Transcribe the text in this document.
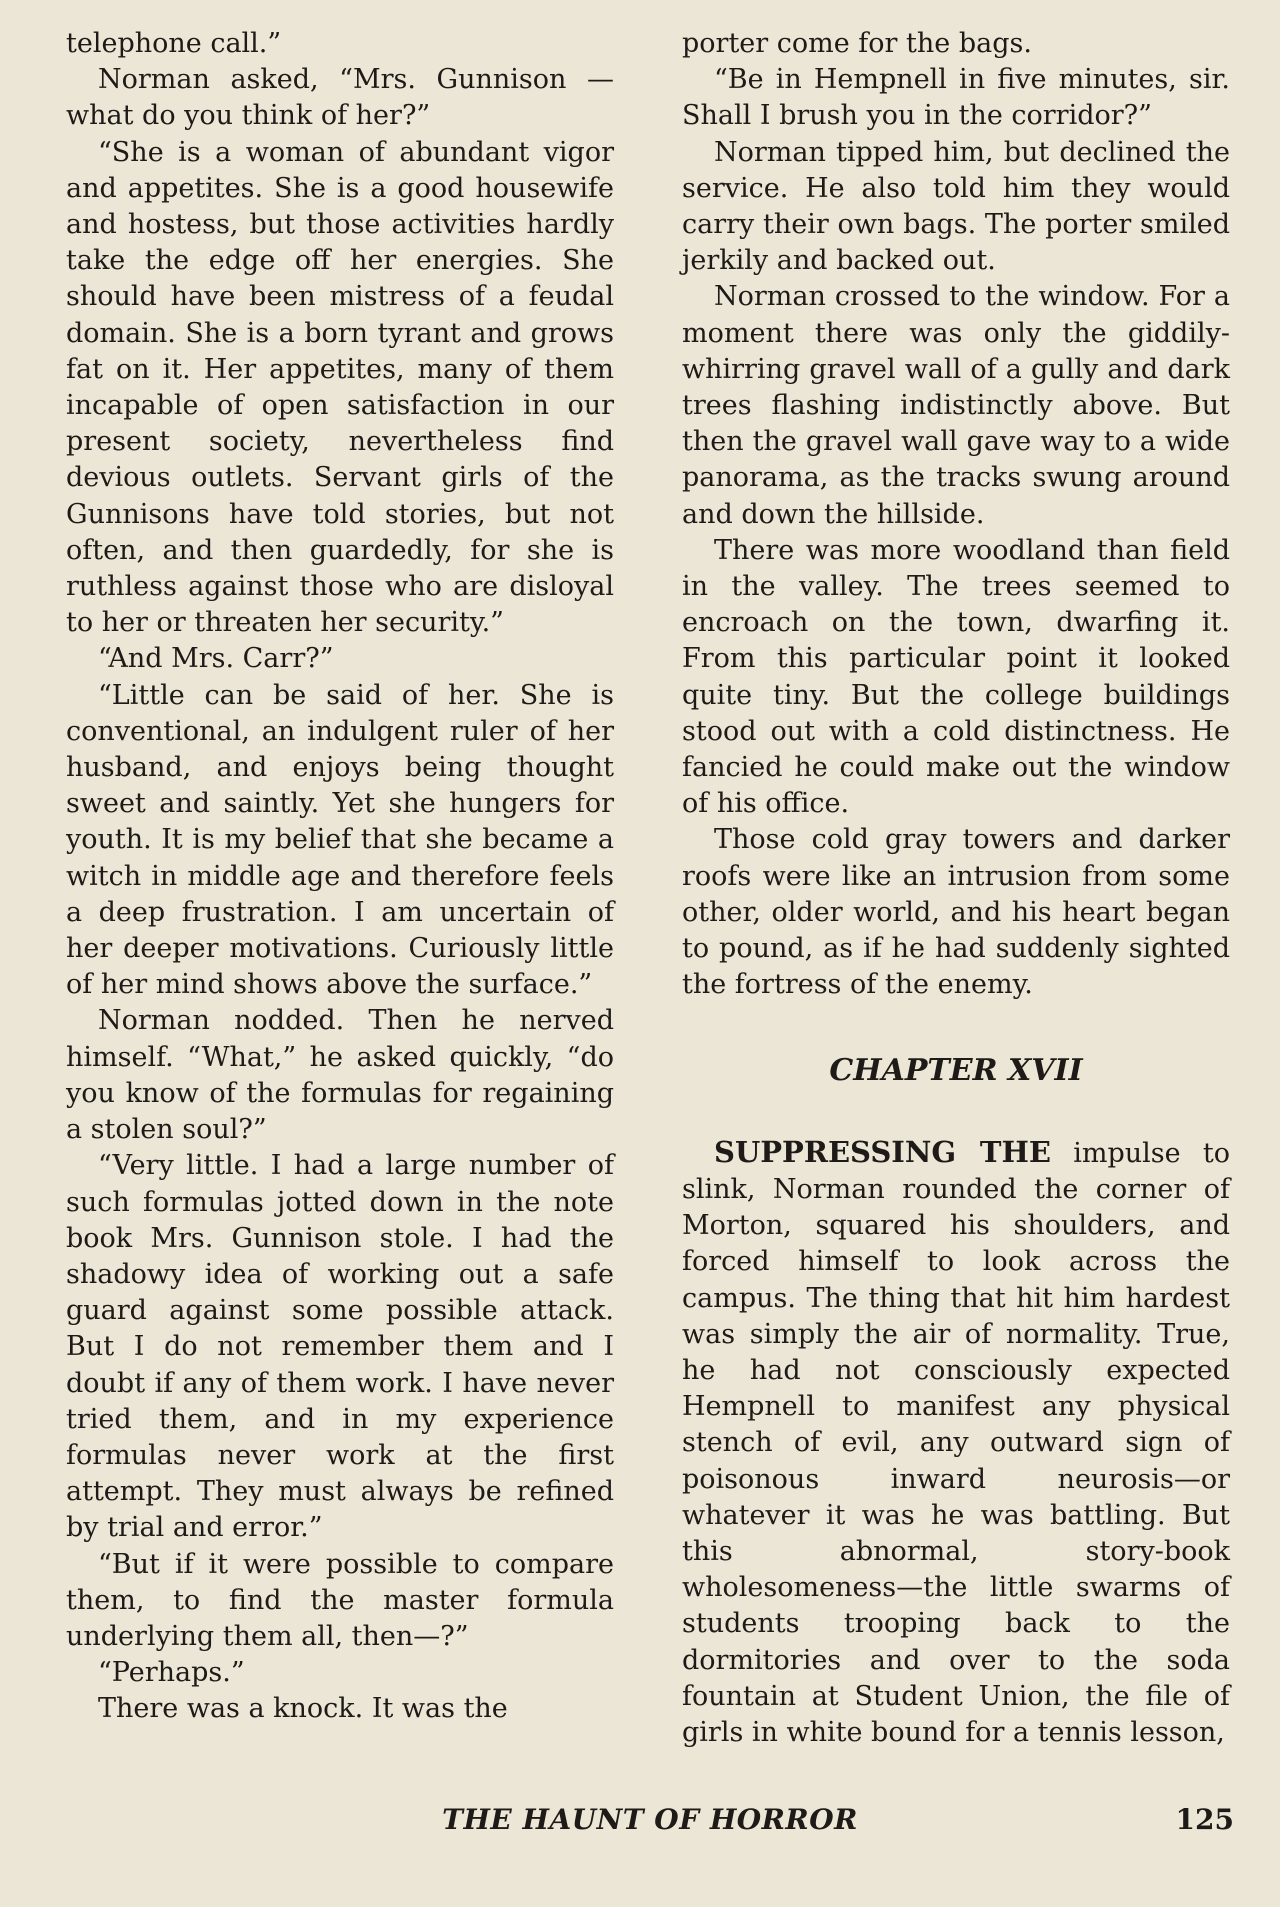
telephone call.”

Norman asked, “Mrs. Gunnison —what do you think of her?”

“She is a woman of abundant vigor and appetites. She is a good housewife and hostess, but those activities hardly take the edge off her energies. She should have been mistress of a feudal domain. She is a born tyrant and grows fat on it. Her appetites, many of them incapable of open satisfaction in our present society, nevertheless find devious outlets. Servant girls of the Gunnisons have told stories, but not often, and then guardedly, for she is ruthless against those who are disloyal to her or threaten her security.”

“And Mrs. Carr?”

“Little can be said of her. She is conventional, an indulgent ruler of her husband, and enjoys being thought sweet and saintly. Yet she hungers for youth. It is my belief that she became a witch in middle age and therefore feels a deep frustration. I am uncertain of her deeper motivations. Curiously little of her mind shows above the surface.”

Norman nodded. Then he nerved himself. “What,” he asked quickly, “do you know of the formulas for regaining a stolen soul?”

“Very little. I had a large number of such formulas jotted down in the note book Mrs. Gunnison stole. I had the shadowy idea of working out a safe guard against some possible attack. But I do not remember them and I doubt if any of them work. I have never tried them, and in my experience formulas never work at the first attempt. They must always be refined by trial and error.”

“But if it were possible to compare them, to find the master formula underlying them all, then—?”

“Perhaps.”

There was a knock. It was the

porter come for the bags.

“Be in Hempnell in five minutes, sir. Shall I brush you in the corridor?”

Norman tipped him, but declined the service. He also told him they would carry their own bags. The porter smiled jerkily and backed out.

Norman crossed to the window. For a moment there was only the giddily-whirring gravel wall of a gully and dark trees flashing indistinctly above. But then the gravel wall gave way to a wide panorama, as the tracks swung around and down the hillside.

There was more woodland than field in the valley. The trees seemed to encroach on the town, dwarfing it. From this particular point it looked quite tiny. But the college buildings stood out with a cold distinctness. He fancied he could make out the window of his office.

Those cold gray towers and darker roofs were like an intrusion from some other, older world, and his heart began to pound, as if he had suddenly sighted the fortress of the enemy.

CHAPTER XVII

SUPPRESSING THE impulse to slink, Norman rounded the corner of Morton, squared his shoulders, and forced himself to look across the campus. The thing that hit him hardest was simply the air of normality. True, he had not consciously expected Hempnell to manifest any physical stench of evil, any outward sign of poisonous inward neurosis—or whatever it was he was battling. But this abnormal, story-book wholesomeness—the little swarms of students trooping back to the dormitories and over to the soda fountain at Student Union, the file of girls in white bound for a tennis lesson,

THE HAUNT OF HORROR	125
